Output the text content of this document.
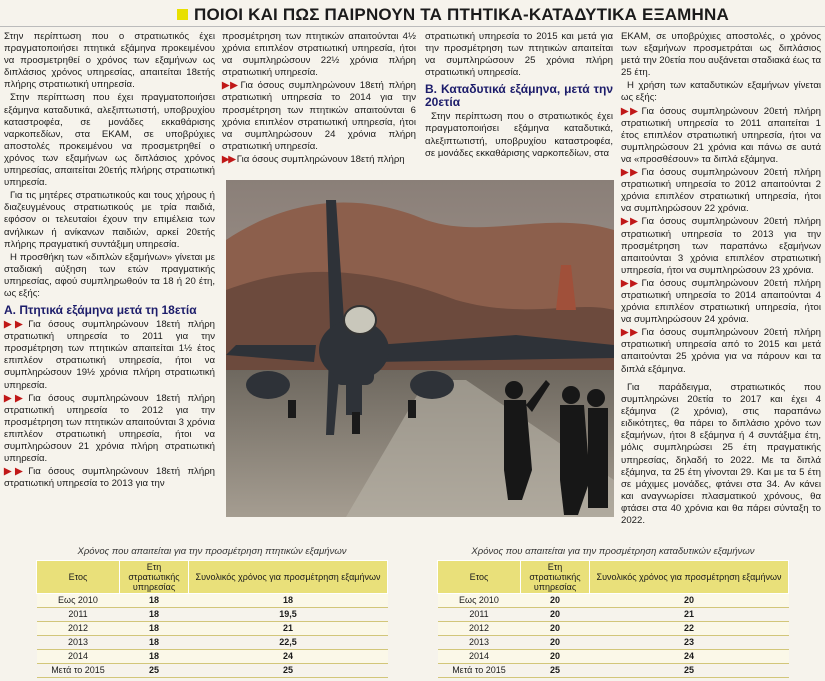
ΠΟΙΟΙ ΚΑΙ ΠΩΣ ΠΑΙΡΝΟΥΝ ΤΑ ΠΤΗΤΙΚΑ-ΚΑΤΑΔΥΤΙΚΑ ΕΞΑΜΗΝΑ

Στην περίπτωση που ο στρατιωτικός έχει πραγματοποιήσει πτητικά εξάμηνα προκειμένου να προσμετρηθεί ο χρόνος των εξαμήνων ως διπλάσιος χρόνος υπηρεσίας, απαιτείται 18ετής πλήρης στρατιωτική υπηρεσία.

Στην περίπτωση που έχει πραγματοποιήσει εξάμηνα καταδυτικά, αλεξιπτωτιστή, υποβρυχίου καταστροφέα, σε μονάδες εκκαθάρισης ναρκοπεδίων, στα ΕΚΑΜ, σε υποβρύχιες αποστολές προκειμένου να προσμετρηθεί ο χρόνος των εξαμήνων ως διπλάσιος χρόνος υπηρεσίας, απαιτείται 20ετής πλήρης στρατιωτική υπηρεσία.

Για τις μητέρες στρατιωτικούς και τους χήρους ή διαζευγμένους στρατιωτικούς με τρία παιδιά, εφόσον οι τελευταίοι έχουν την επιμέλεια των ανήλικων ή ανίκανων παιδιών, αρκεί 20ετής πλήρης πραγματική συντάξιμη υπηρεσία.

Η προσθήκη των «διπλών εξαμήνων» γίνεται με σταδιακή αύξηση των ετών πραγματικής υπηρεσίας, αφού συμπληρωθούν τα 18 ή 20 έτη, ως εξής:

Α. Πτητικά εξάμηνα μετά τη 18ετία

▶▶ Για όσους συμπληρώνουν 18ετή πλήρη στρατιωτική υπηρεσία το 2011 για την προσμέτρηση των πτητικών απαιτείται 1½ έτος επιπλέον στρατιωτική υπηρεσία, ήτοι να συμπληρώσουν 19½ χρόνια πλήρη στρατιωτική υπηρεσία.

▶▶ Για όσους συμπληρώνουν 18ετή πλήρη στρατιωτική υπηρεσία το 2012 για την προσμέτρηση των πτητικών απαιτούνται 3 χρόνια επιπλέον στρατιωτική υπηρεσία, ήτοι να συμπληρώσουν 21 χρόνια πλήρη στρατιωτική υπηρεσία.

▶▶ Για όσους συμπληρώνουν 18ετή πλήρη στρατιωτική υπηρεσία το 2013 για την

προσμέτρηση των πτητικών απαιτούνται 4½ χρόνια επιπλέον στρατιωτική υπηρεσία, ήτοι να συμπληρώσουν 22½ χρόνια πλήρη στρατιωτική υπηρεσία.

▶▶ Για όσους συμπληρώνουν 18ετή πλήρη στρατιωτική υπηρεσία το 2014 για την προσμέτρηση των πτητικών απαιτούνται 6 χρόνια επιπλέον στρατιωτική υπηρεσία, ήτοι να συμπληρώσουν 24 χρόνια πλήρη στρατιωτική υπηρεσία.

▶▶ Για όσους συμπληρώνουν 18ετή πλήρη

στρατιωτική υπηρεσία το 2015 και μετά για την προσμέτρηση των πτητικών απαιτείται να συμπληρώσουν 25 χρόνια πλήρη στρατιωτική υπηρεσία.

Β. Καταδυτικά εξάμηνα, μετά την 20ετία

Στην περίπτωση που ο στρατιωτικός έχει πραγματοποιήσει εξάμηνα καταδυτικά, αλεξιπτωτιστή, υποβρυχίου καταστροφέα, σε μονάδες εκκαθάρισης ναρκοπεδίων, στα

ΕΚΑΜ, σε υποβρύχιες αποστολές, ο χρόνος των εξαμήνων προσμετράται ως διπλάσιος μετά την 20ετία που αυξάνεται σταδιακά έως τα 25 έτη.

Η χρήση των καταδυτικών εξαμήνων γίνεται ως εξής:

▶▶ Για όσους συμπληρώνουν 20ετή πλήρη στρατιωτική υπηρεσία το 2011 απαιτείται 1 έτος επιπλέον στρατιωτική υπηρεσία, ήτοι να συμπληρώσουν 21 χρόνια και πάνω σε αυτά να «προσθέσουν» τα διπλά εξάμηνα.

▶▶ Για όσους συμπληρώνουν 20ετή πλήρη στρατιωτική υπηρεσία το 2012 απαιτούνται 2 χρόνια επιπλέον στρατιωτική υπηρεσία, ήτοι να συμπληρώσουν 22 χρόνια.

▶▶ Για όσους συμπληρώνουν 20ετή πλήρη στρατιωτική υπηρεσία το 2013 για την προσμέτρηση των παραπάνω εξαμήνων απαιτούνται 3 χρόνια επιπλέον στρατιωτική υπηρεσία, ήτοι να συμπληρώσουν 23 χρόνια.

▶▶ Για όσους συμπληρώνουν 20ετή πλήρη στρατιωτική υπηρεσία το 2014 απαιτούνται 4 χρόνια επιπλέον στρατιωτική υπηρεσία, ήτοι να συμπληρώσουν 24 χρόνια.

▶▶ Για όσους συμπληρώνουν 20ετή πλήρη στρατιωτική υπηρεσία από το 2015 και μετά απαιτούνται 25 χρόνια για να πάρουν και τα διπλά εξάμηνα.

Για παράδειγμα, στρατιωτικός που συμπληρώνει 20ετία το 2017 και έχει 4 εξάμηνα (2 χρόνια), στις παραπάνω ειδικότητες, θα πάρει το διπλάσιο χρόνο των εξαμήνων, ήτοι 8 εξάμηνα ή 4 συντάξιμα έτη, μόλις συμπληρώσει 25 έτη πραγματικής υπηρεσίας, δηλαδή το 2022. Με τα διπλά εξάμηνα, τα 25 έτη γίνονται 29. Και με τα 5 έτη σε μάχιμες μονάδες, φτάνει στα 34. Αν κάνει και αναγνωρίσει πλασματικού χρόνους, θα φτάσει στα 40 χρόνια και θα πάρει σύνταξη το 2022.

Χρόνος που απαιτείται για την προσμέτρηση πτητικών εξαμήνων
Ετος	Ετη στρατιωτικής υπηρεσίας	Συνολικός χρόνος για προσμέτρηση εξαμήνων
Εως 2010	18	18
2011	18	19,5
2012	18	21
2013	18	22,5
2014	18	24
Μετά το 2015	25	25
Χρόνος που απαιτείται για την προσμέτρηση καταδυτικών εξαμήνων
Ετος	Ετη στρατιωτικής υπηρεσίας	Συνολικός χρόνος για προσμέτρηση εξαμήνων
Εως 2010	20	20
2011	20	21
2012	20	22
2013	20	23
2014	20	24
Μετά το 2015	25	25
